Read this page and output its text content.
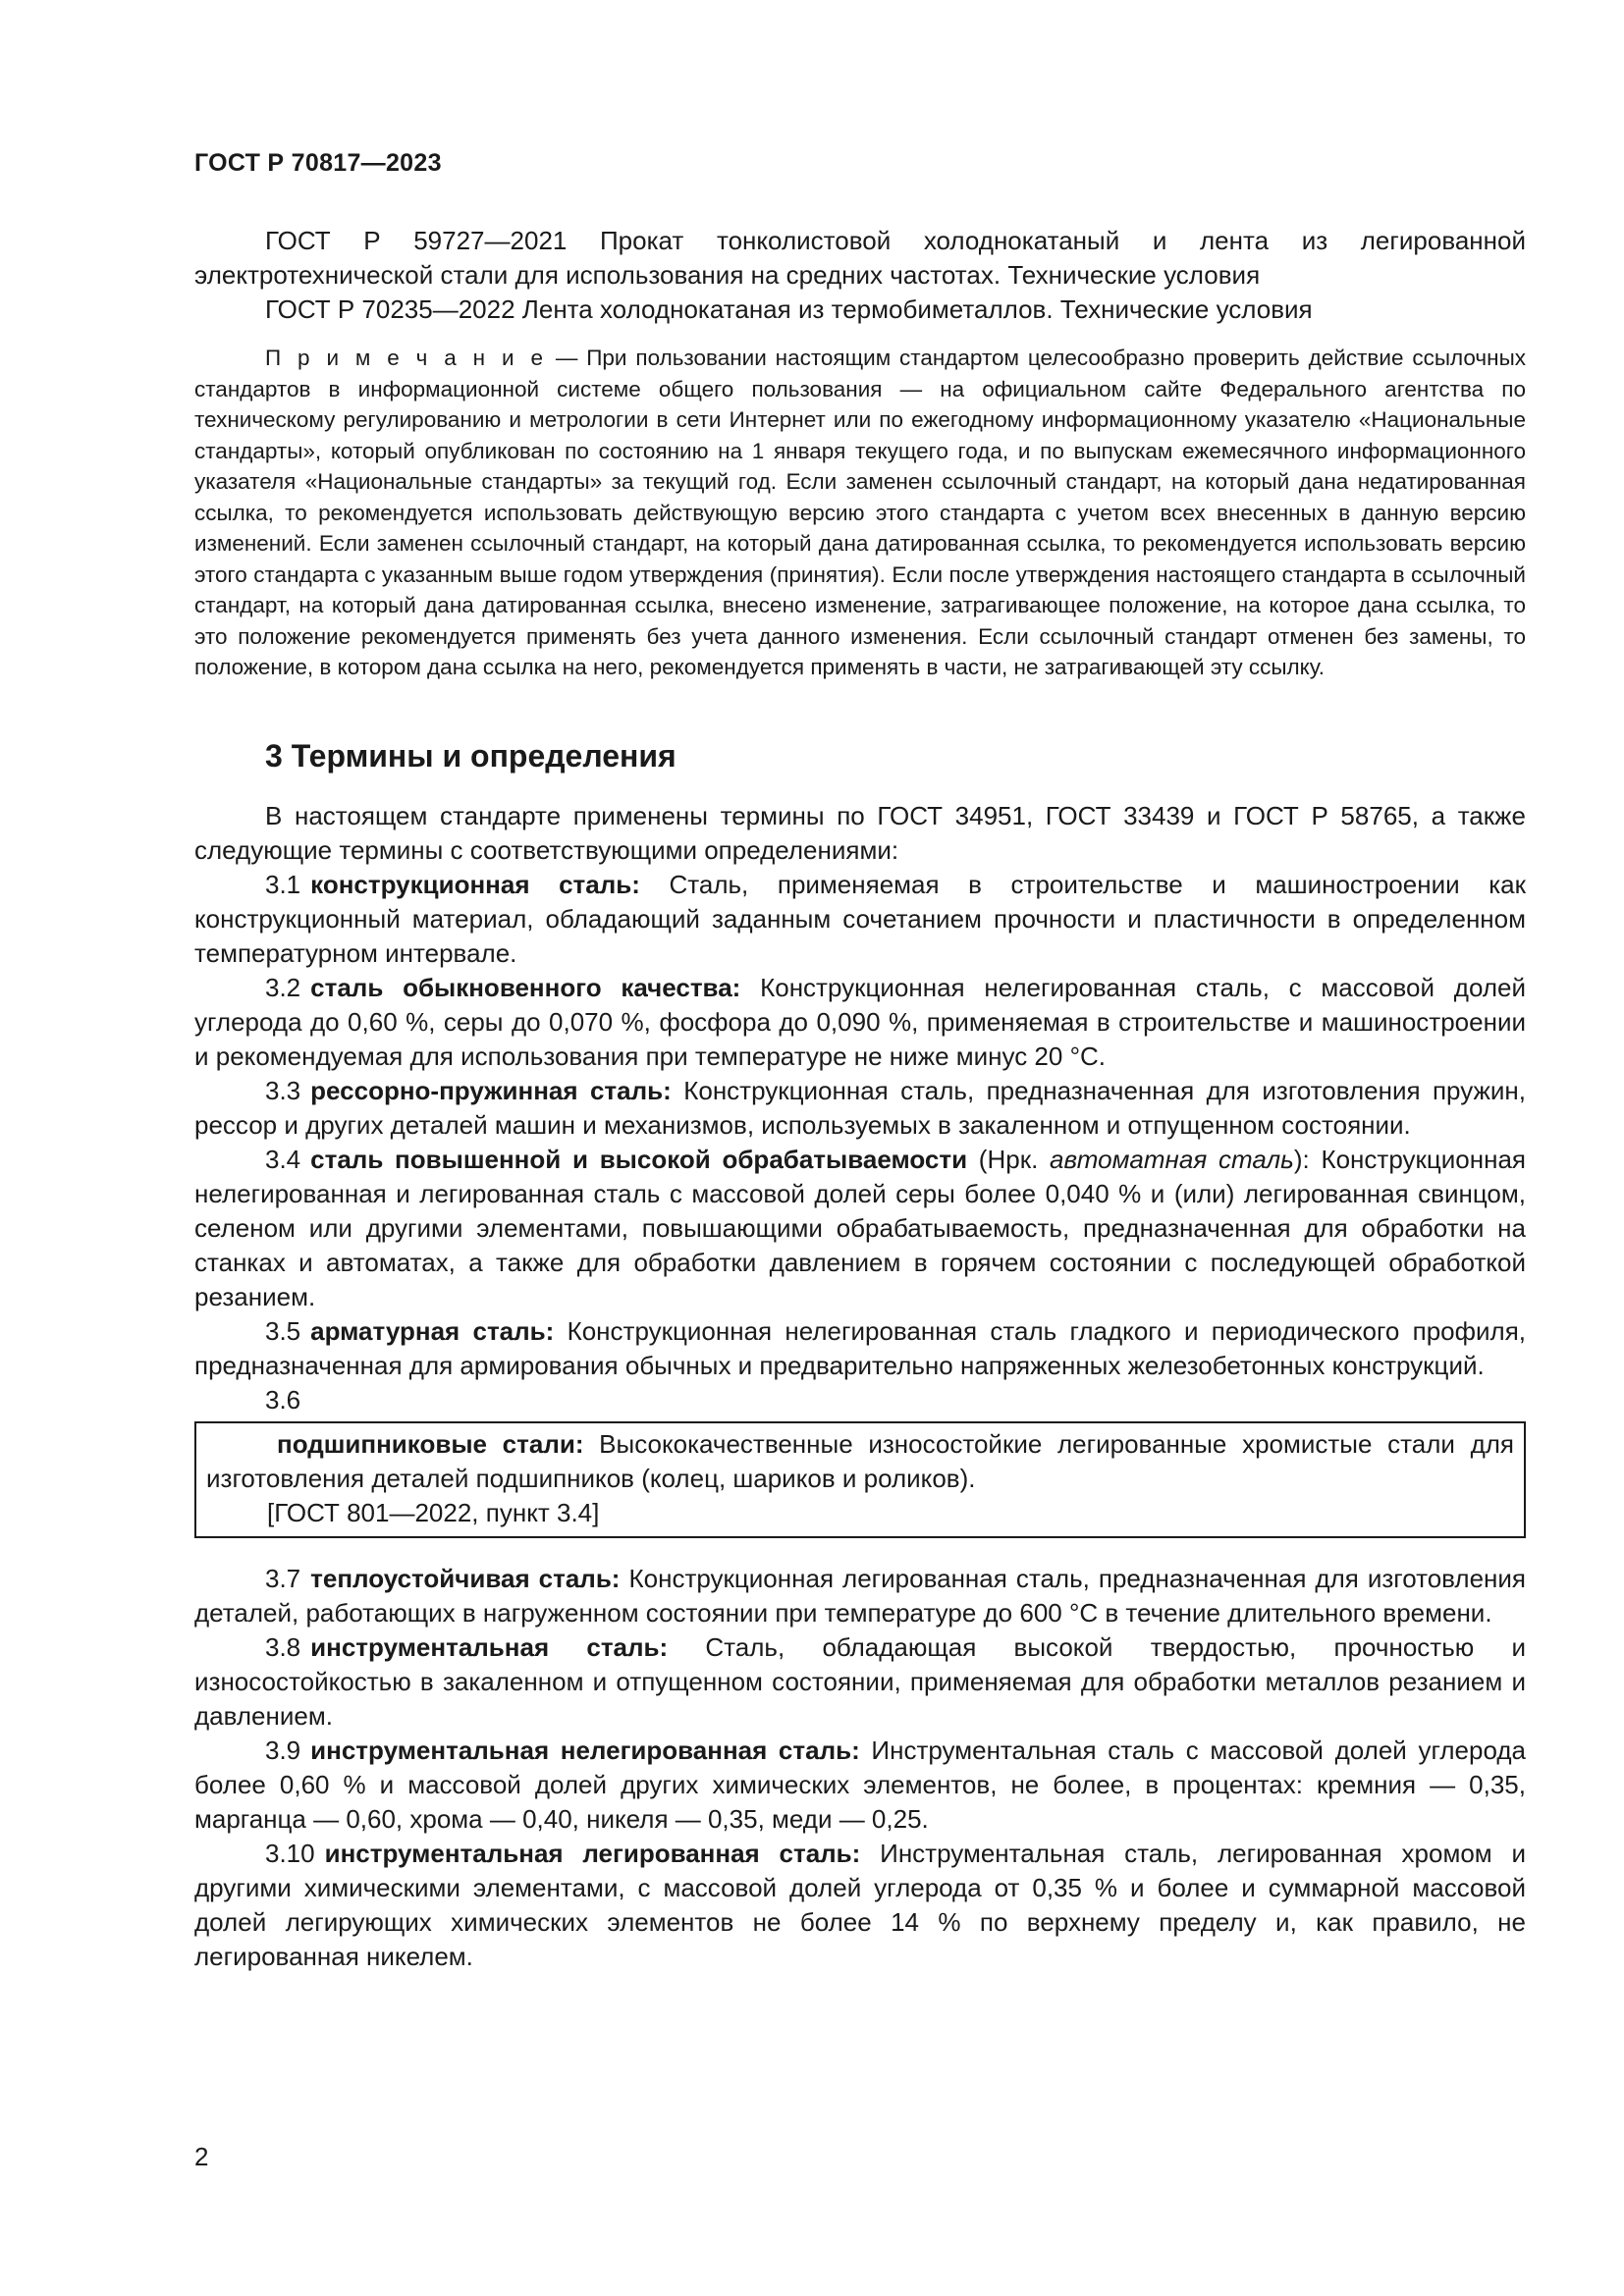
ГОСТ Р 70817—2023

ГОСТ Р 59727—2021 Прокат тонколистовой холоднокатаный и лента из легированной электротехнической стали для использования на средних частотах. Технические условия

ГОСТ Р 70235—2022 Лента холоднокатаная из термобиметаллов. Технические условия

П р и м е ч а н и е — При пользовании настоящим стандартом целесообразно проверить действие ссылочных стандартов в информационной системе общего пользования — на официальном сайте Федерального агентства по техническому регулированию и метрологии в сети Интернет или по ежегодному информационному указателю «Национальные стандарты», который опубликован по состоянию на 1 января текущего года, и по выпускам ежемесячного информационного указателя «Национальные стандарты» за текущий год. Если заменен ссылочный стандарт, на который дана недатированная ссылка, то рекомендуется использовать действующую версию этого стандарта с учетом всех внесенных в данную версию изменений. Если заменен ссылочный стандарт, на который дана датированная ссылка, то рекомендуется использовать версию этого стандарта с указанным выше годом утверждения (принятия). Если после утверждения настоящего стандарта в ссылочный стандарт, на который дана датированная ссылка, внесено изменение, затрагивающее положение, на которое дана ссылка, то это положение рекомендуется применять без учета данного изменения. Если ссылочный стандарт отменен без замены, то положение, в котором дана ссылка на него, рекомендуется применять в части, не затрагивающей эту ссылку.

3 Термины и определения

В настоящем стандарте применены термины по ГОСТ 34951, ГОСТ 33439 и ГОСТ Р 58765, а также следующие термины с соответствующими определениями:

3.1 конструкционная сталь: Сталь, применяемая в строительстве и машиностроении как конструкционный материал, обладающий заданным сочетанием прочности и пластичности в определенном температурном интервале.

3.2 сталь обыкновенного качества: Конструкционная нелегированная сталь, с массовой долей углерода до 0,60 %, серы до 0,070 %, фосфора до 0,090 %, применяемая в строительстве и машиностроении и рекомендуемая для использования при температуре не ниже минус 20 °С.

3.3 рессорно-пружинная сталь: Конструкционная сталь, предназначенная для изготовления пружин, рессор и других деталей машин и механизмов, используемых в закаленном и отпущенном состоянии.

3.4 сталь повышенной и высокой обрабатываемости (Нрк. автоматная сталь): Конструкционная нелегированная и легированная сталь с массовой долей серы более 0,040 % и (или) легированная свинцом, селеном или другими элементами, повышающими обрабатываемость, предназначенная для обработки на станках и автоматах, а также для обработки давлением в горячем состоянии с последующей обработкой резанием.

3.5 арматурная сталь: Конструкционная нелегированная сталь гладкого и периодического профиля, предназначенная для армирования обычных и предварительно напряженных железобетонных конструкций.

3.6

подшипниковые стали: Высококачественные износостойкие легированные хромистые стали для изготовления деталей подшипников (колец, шариков и роликов).

[ГОСТ 801—2022, пункт 3.4]

3.7 теплоустойчивая сталь: Конструкционная легированная сталь, предназначенная для изготовления деталей, работающих в нагруженном состоянии при температуре до 600 °С в течение длительного времени.

3.8 инструментальная сталь: Сталь, обладающая высокой твердостью, прочностью и износостойкостью в закаленном и отпущенном состоянии, применяемая для обработки металлов резанием и давлением.

3.9 инструментальная нелегированная сталь: Инструментальная сталь с массовой долей углерода более 0,60 % и массовой долей других химических элементов, не более, в процентах: кремния — 0,35, марганца — 0,60, хрома — 0,40, никеля — 0,35, меди — 0,25.

3.10 инструментальная легированная сталь: Инструментальная сталь, легированная хромом и другими химическими элементами, с массовой долей углерода от 0,35 % и более и суммарной массовой долей легирующих химических элементов не более 14 % по верхнему пределу и, как правило, не легированная никелем.

2
